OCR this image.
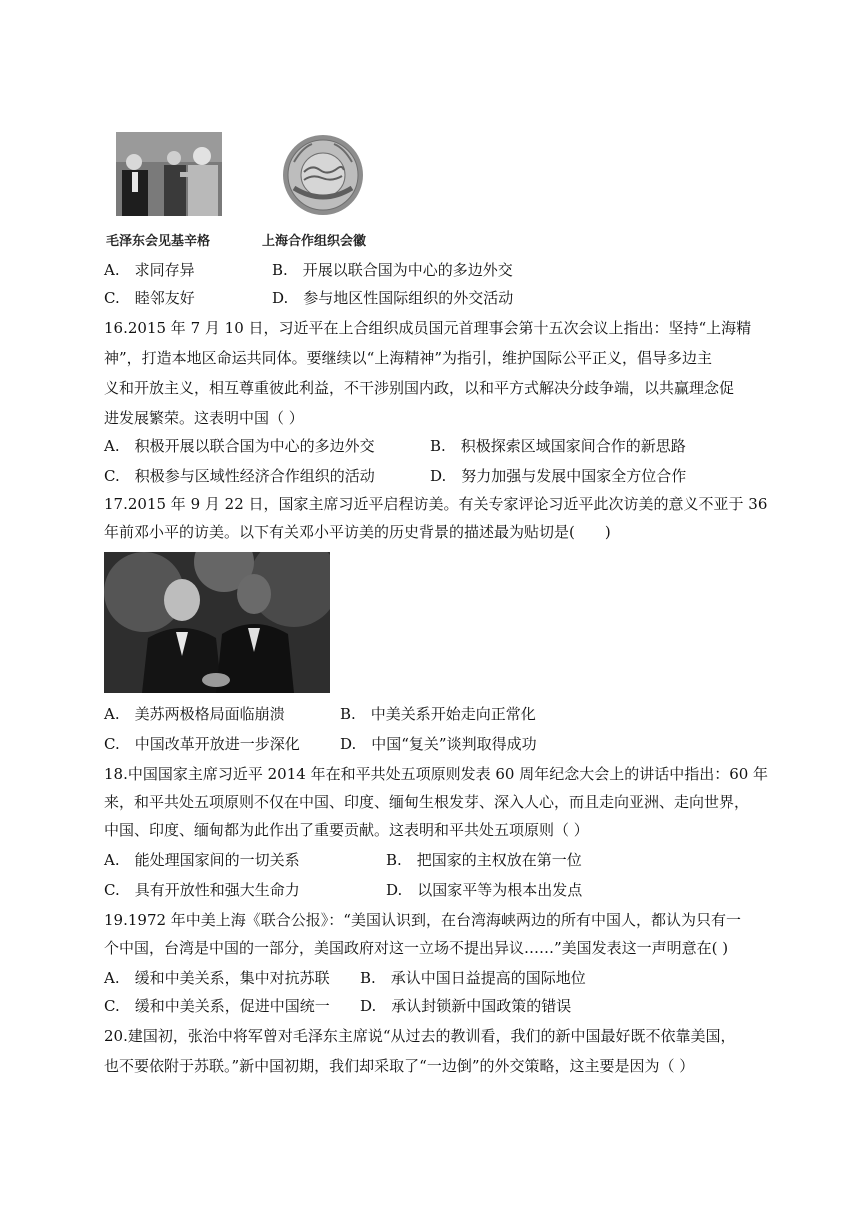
毛泽东会见基辛格	上海合作组织会徽
A.　求同存异	B.　开展以联合国为中心的多边外交
C.　睦邻友好	D.　参与地区性国际组织的外交活动
16.2015 年 7 月 10 日，习近平在上合组织成员国元首理事会第十五次会议上指出：坚持“上海精
神”，打造本地区命运共同体。要继续以“上海精神”为指引，维护国际公平正义，倡导多边主
义和开放主义，相互尊重彼此利益，不干涉别国内政，以和平方式解决分歧争端，以共赢理念促
进发展繁荣。这表明中国（ ）
A.　积极开展以联合国为中心的多边外交	B.　积极探索区域国家间合作的新思路
C.　积极参与区域性经济合作组织的活动	D.　努力加强与发展中国家全方位合作
17.2015 年 9 月 22 日，国家主席习近平启程访美。有关专家评论习近平此次访美的意义不亚于 36
年前邓小平的访美。以下有关邓小平访美的历史背景的描述最为贴切是(　　)
A.　美苏两极格局面临崩溃	B.　中美关系开始走向正常化
C.　中国改革开放进一步深化	D.　中国“复关”谈判取得成功
18.中国国家主席习近平 2014 年在和平共处五项原则发表 60 周年纪念大会上的讲话中指出：60 年
来，和平共处五项原则不仅在中国、印度、缅甸生根发芽、深入人心，而且走向亚洲、走向世界，
中国、印度、缅甸都为此作出了重要贡献。这表明和平共处五项原则（ ）
A.　能处理国家间的一切关系	B.　把国家的主权放在第一位
C.　具有开放性和强大生命力	D.　以国家平等为根本出发点
19.1972 年中美上海《联合公报》：“美国认识到，在台湾海峡两边的所有中国人，都认为只有一
个中国，台湾是中国的一部分，美国政府对这一立场不提出异议……”美国发表这一声明意在( )
A.　缓和中美关系，集中对抗苏联 B.　承认中国日益提高的国际地位
C.　缓和中美关系，促进中国统一 D.　承认封锁新中国政策的错误
20.建国初，张治中将军曾对毛泽东主席说“从过去的教训看，我们的新中国最好既不依靠美国，
也不要依附于苏联。”新中国初期，我们却采取了“一边倒”的外交策略，这主要是因为（ ）
